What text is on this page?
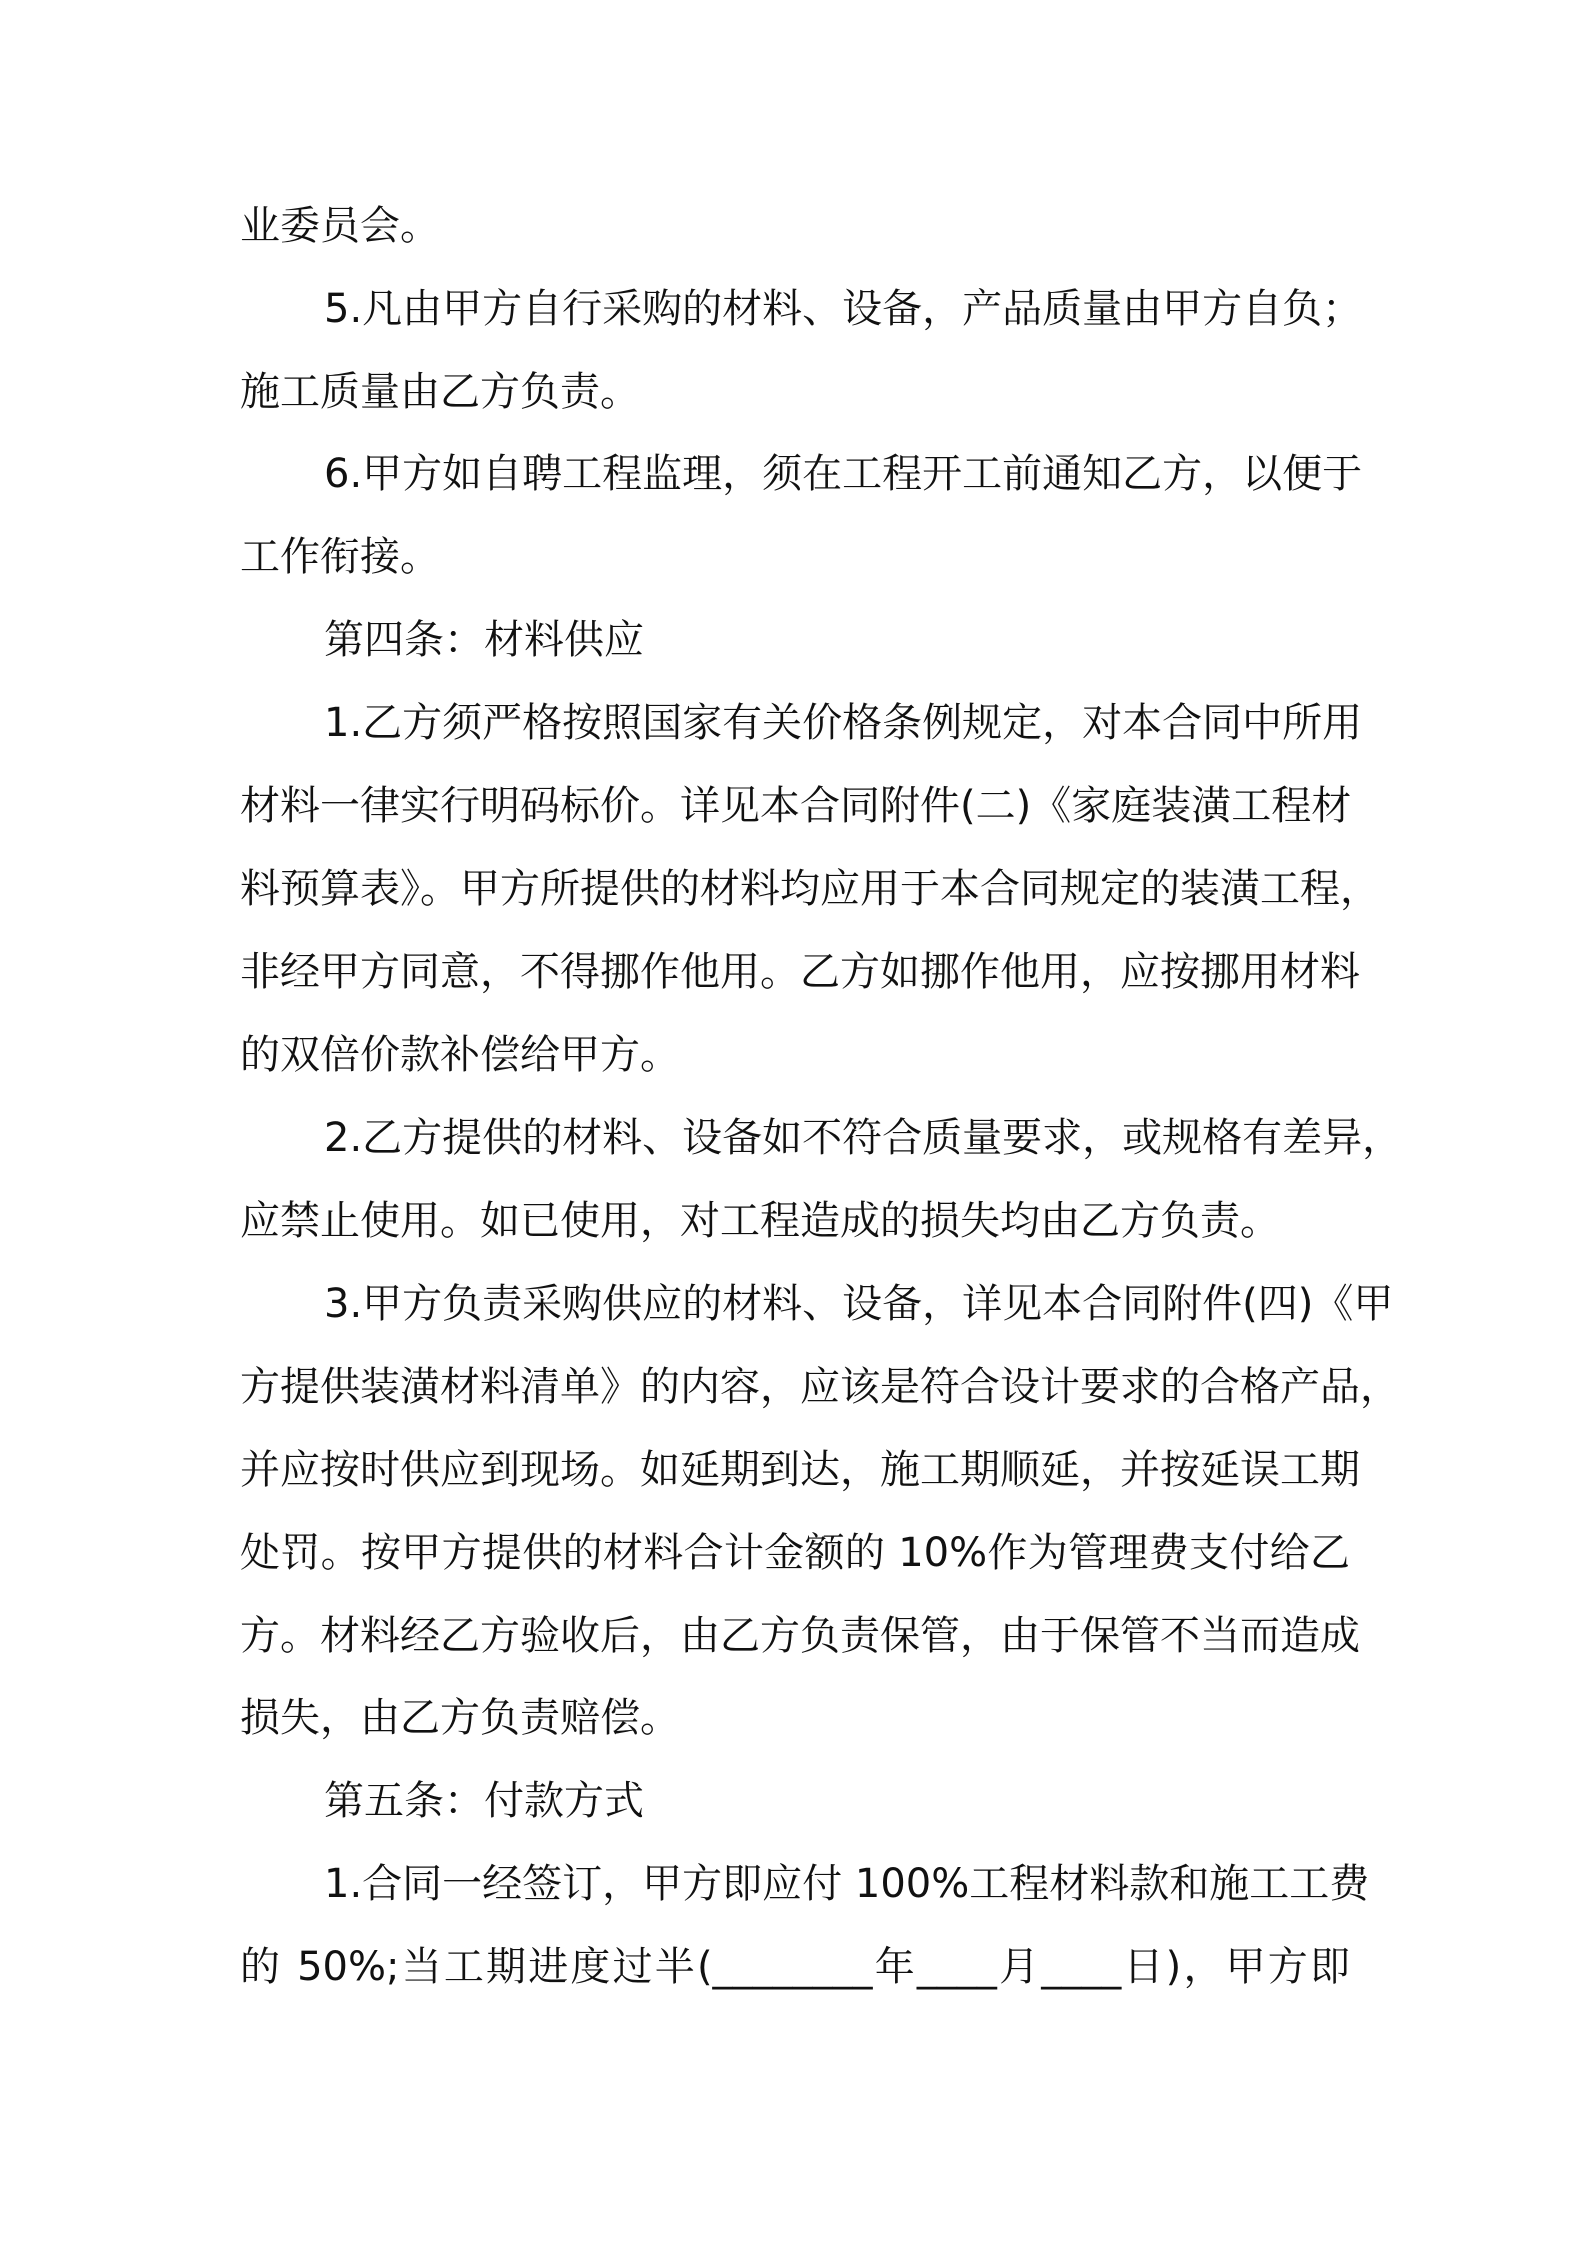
业委员会。
5.凡由甲方自行采购的材料、设备，产品质量由甲方自负；
施工质量由乙方负责。
6.甲方如自聘工程监理，须在工程开工前通知乙方，以便于
工作衔接。
第四条：材料供应
1.乙方须严格按照国家有关价格条例规定，对本合同中所用
材料一律实行明码标价。详见本合同附件(二)《家庭装潢工程材
料预算表》。甲方所提供的材料均应用于本合同规定的装潢工程，
非经甲方同意，不得挪作他用。乙方如挪作他用，应按挪用材料
的双倍价款补偿给甲方。
2.乙方提供的材料、设备如不符合质量要求，或规格有差异，
应禁止使用。如已使用，对工程造成的损失均由乙方负责。
3.甲方负责采购供应的材料、设备，详见本合同附件(四)《甲
方提供装潢材料清单》的内容，应该是符合设计要求的合格产品，
并应按时供应到现场。如延期到达，施工期顺延，并按延误工期
处罚。按甲方提供的材料合计金额的 10%作为管理费支付给乙
方。材料经乙方验收后，由乙方负责保管，由于保管不当而造成
损失，由乙方负责赔偿。
第五条：付款方式
1.合同一经签订，甲方即应付 100%工程材料款和施工工费
的 50%;当工期进度过半(________年____月____日)，甲方即
